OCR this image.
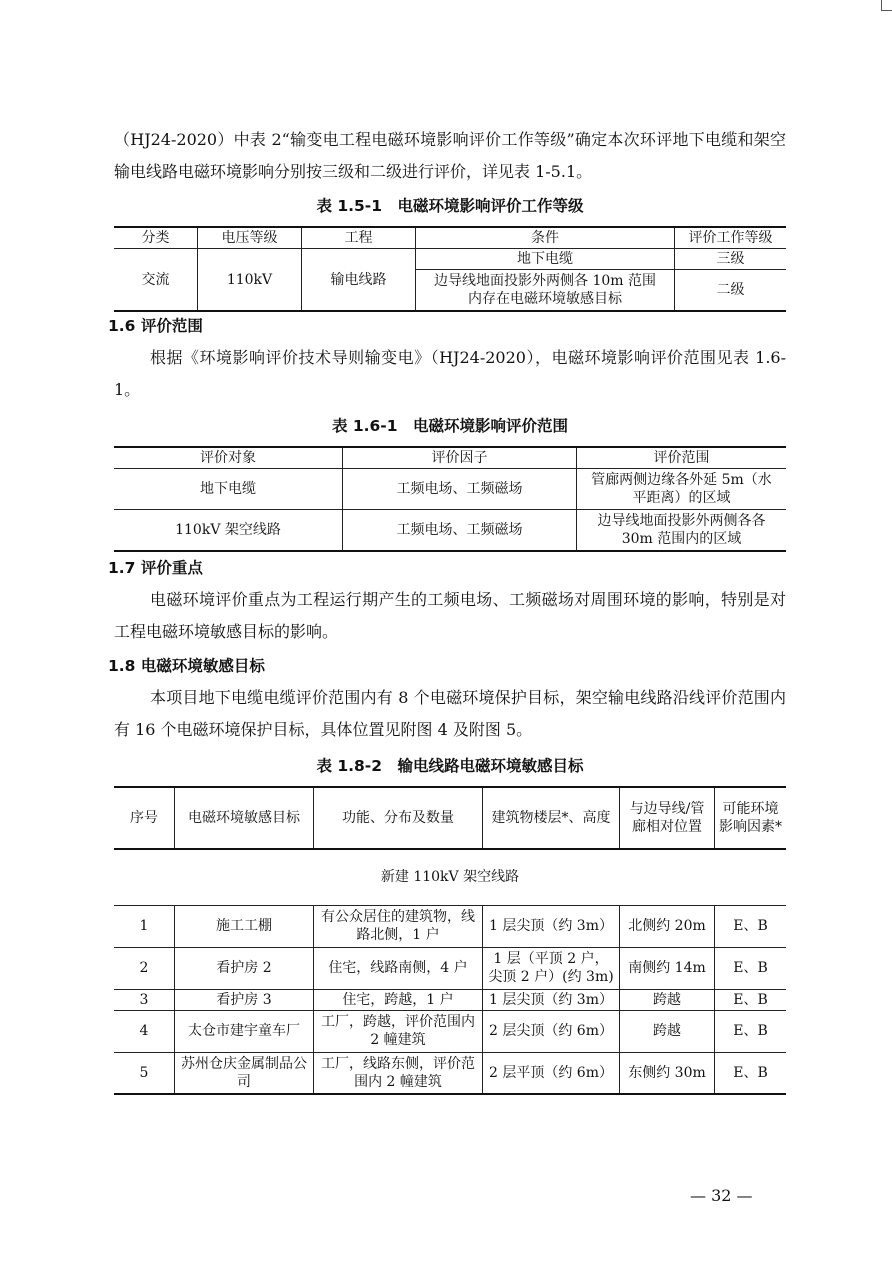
（HJ24-2020）中表 2“输变电工程电磁环境影响评价工作等级”确定本次环评地下电缆和架空输电线路电磁环境影响分别按三级和二级进行评价，详见表 1-5.1。

表 1.5-1　电磁环境影响评价工作等级
分类	电压等级	工程	条件	评价工作等级
交流	110kV	输电线路	地下电缆	三级
			边导线地面投影外两侧各 10m 范围内存在电磁环境敏感目标	二级
1.6 评价范围

根据《环境影响评价技术导则输变电》（HJ24-2020），电磁环境影响评价范围见表 1.6-1。

表 1.6-1　电磁环境影响评价范围
评价对象	评价因子	评价范围
地下电缆	工频电场、工频磁场	管廊两侧边缘各外延 5m（水平距离）的区域
110kV 架空线路	工频电场、工频磁场	边导线地面投影外两侧各各 30m 范围内的区域
1.7 评价重点

电磁环境评价重点为工程运行期产生的工频电场、工频磁场对周围环境的影响，特别是对工程电磁环境敏感目标的影响。

1.8 电磁环境敏感目标

本项目地下电缆电缆评价范围内有 8 个电磁环境保护目标，架空输电线路沿线评价范围内有 16 个电磁环境保护目标，具体位置见附图 4 及附图 5。

表 1.8-2　输电线路电磁环境敏感目标
序号	电磁环境敏感目标	功能、分布及数量	建筑物楼层*、高度	与边导线/管廊相对位置	可能环境影响因素*
新建 110kV 架空线路					
1	施工工棚	有公众居住的建筑物，线路北侧，1 户	1 层尖顶（约 3m）	北侧约 20m	E、B
2	看护房 2	住宅，线路南侧，4 户	1 层（平顶 2 户，尖顶 2 户）(约 3m)	南侧约 14m	E、B
3	看护房 3	住宅，跨越，1 户	1 层尖顶（约 3m）	跨越	E、B
4	太仓市建宇童车厂	工厂，跨越，评价范围内 2 幢建筑	2 层尖顶（约 6m）	跨越	E、B
5	苏州仓庆金属制品公司	工厂，线路东侧，评价范围内 2 幢建筑	2 层平顶（约 6m）	东侧约 30m	E、B
— 32 —
